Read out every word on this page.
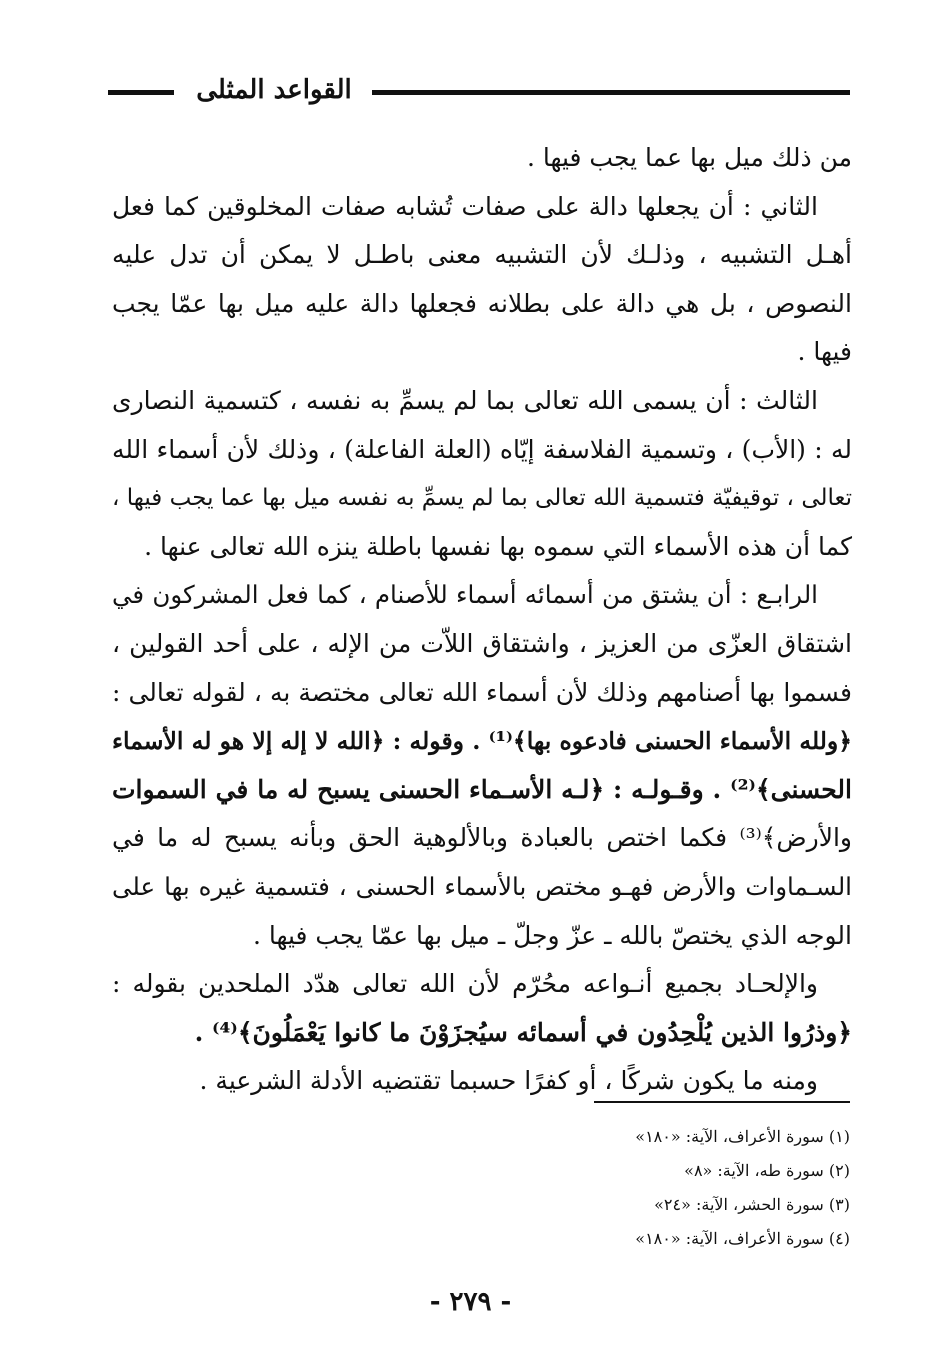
القواعد المثلى
من ذلك ميل بها عما يجب فيها .
الثاني : أن يجعلها دالة على صفات تُشابه صفات المخلوقين كما فعل
أهـل التشبيه ، وذلـك لأن التشبيه معنى باطـل لا يمكن أن تدل عليه
النصوص ، بل هي دالة على بطلانه فجعلها دالة عليه ميل بها عمّا يجب
فيها .
الثالث : أن يسمى الله تعالى بما لم يسمِّ به نفسه ، كتسمية النصارى
له : (الأب) ، وتسمية الفلاسفة إيّاه (العلة الفاعلة) ، وذلك لأن أسماء الله
تعالى ، توقيفيّة فتسمية الله تعالى بما لم يسمِّ به نفسه ميل بها عما يجب فيها ،
كما أن هذه الأسماء التي سموه بها نفسها باطلة ينزه الله تعالى عنها .
الرابـع : أن يشتق من أسمائه أسماء للأصنام ، كما فعل المشركون في
اشتقاق العزّى من العزيز ، واشتقاق اللاّت من الإله ، على أحد القولين ،
فسموا بها أصنامهم وذلك لأن أسماء الله تعالى مختصة به ، لقوله تعالى :
﴿ولله الأسماء الحسنى فادعوه بها﴾⁽¹⁾ . وقوله : ﴿الله لا إله إلا هو له الأسماء
الحسنى﴾⁽²⁾ . وقـولـه : ﴿لـه الأسـماء الحسنى يسبح له ما في السموات
والأرض﴾⁽³⁾ فكما اختص بالعبادة وبالألوهية الحق وبأنه يسبح له ما في
السـماوات والأرض فهـو مختص بالأسماء الحسنى ، فتسمية غيره بها على
الوجه الذي يختصّ بالله ـ عزّ وجلّ ـ ميل بها عمّا يجب فيها .
والإلحـاد بجميع أنـواعه محُرّم لأن الله تعالى هدّد الملحدين بقوله :
﴿وذرُوا الذين يُلْحِدُون في أسمائه سيُجزَوْنَ ما كانوا يَعْمَلُونَ﴾⁽⁴⁾ .
ومنه ما يكون شركًا ، أو كفرًا حسبما تقتضيه الأدلة الشرعية .
(١) سورة الأعراف، الآية: «١٨٠»
(٢) سورة طه، الآية: «٨»
(٣) سورة الحشر، الآية: «٢٤»
(٤) سورة الأعراف، الآية: «١٨٠»
- ٢٧٩ -
